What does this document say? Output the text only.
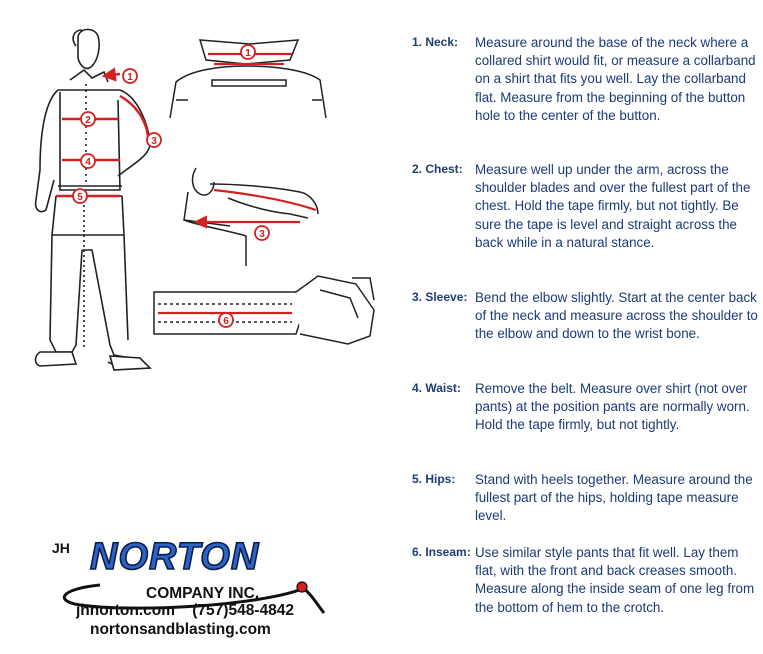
1
2
3
4
5
1
3
6
1. Neck: Measure around the base of the neck where a collared shirt would fit, or measure a collarband on a shirt that fits you well. Lay the collarband flat. Measure from the beginning of the button hole to the center of the button.
2. Chest: Measure well up under the arm, across the shoulder blades and over the fullest part of the chest. Hold the tape firmly, but not tightly. Be sure the tape is level and straight across the back while in a natural stance.
3. Sleeve: Bend the elbow slightly. Start at the center back of the neck and measure across the shoulder to the elbow and down to the wrist bone.
4. Waist: Remove the belt. Measure over shirt (not over pants) at the position pants are normally worn. Hold the tape firmly, but not tightly.
5. Hips: Stand with heels together. Measure around the fullest part of the hips, holding tape measure level.
6. Inseam: Use similar style pants that fit well. Lay them flat, with the front and back creases smooth. Measure along the inside seam of one leg from the bottom of hem to the crotch.
JH NORTON
COMPANY INC.
jhnorton.com (757)548-4842
nortonsandblasting.com
